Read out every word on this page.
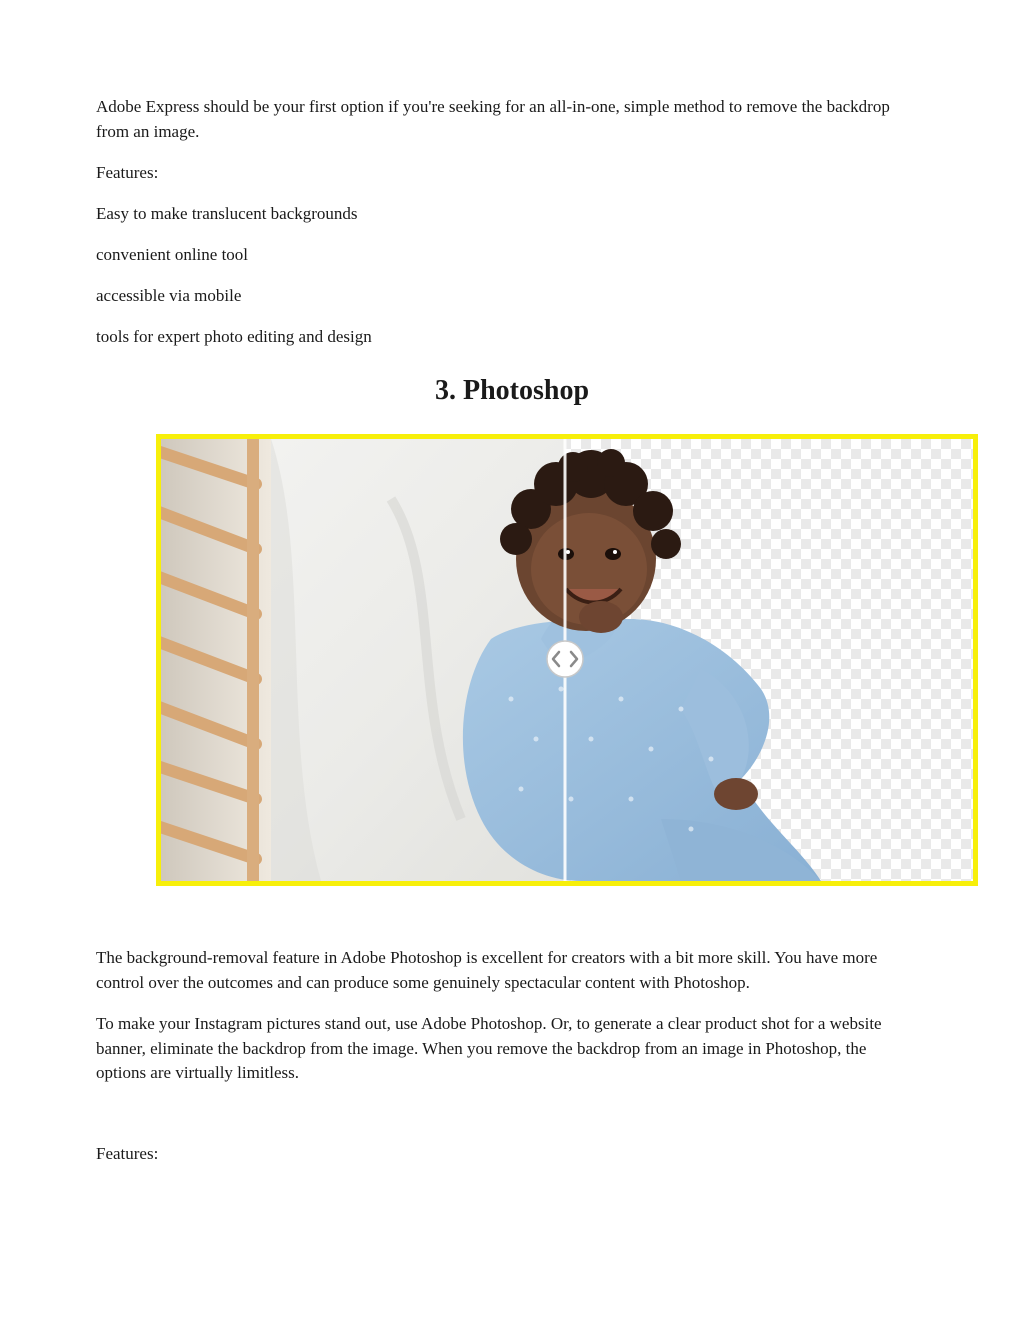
Adobe Express should be your first option if you're seeking for an all-in-one, simple method to remove the backdrop from an image.

Features:

Easy to make translucent backgrounds

convenient online tool

accessible via mobile

tools for expert photo editing and design

3. Photoshop

The background-removal feature in Adobe Photoshop is excellent for creators with a bit more skill. You have more control over the outcomes and can produce some genuinely spectacular content with Photoshop.

To make your Instagram pictures stand out, use Adobe Photoshop. Or, to generate a clear product shot for a website banner, eliminate the backdrop from the image. When you remove the backdrop from an image in Photoshop, the options are virtually limitless.

Features:
